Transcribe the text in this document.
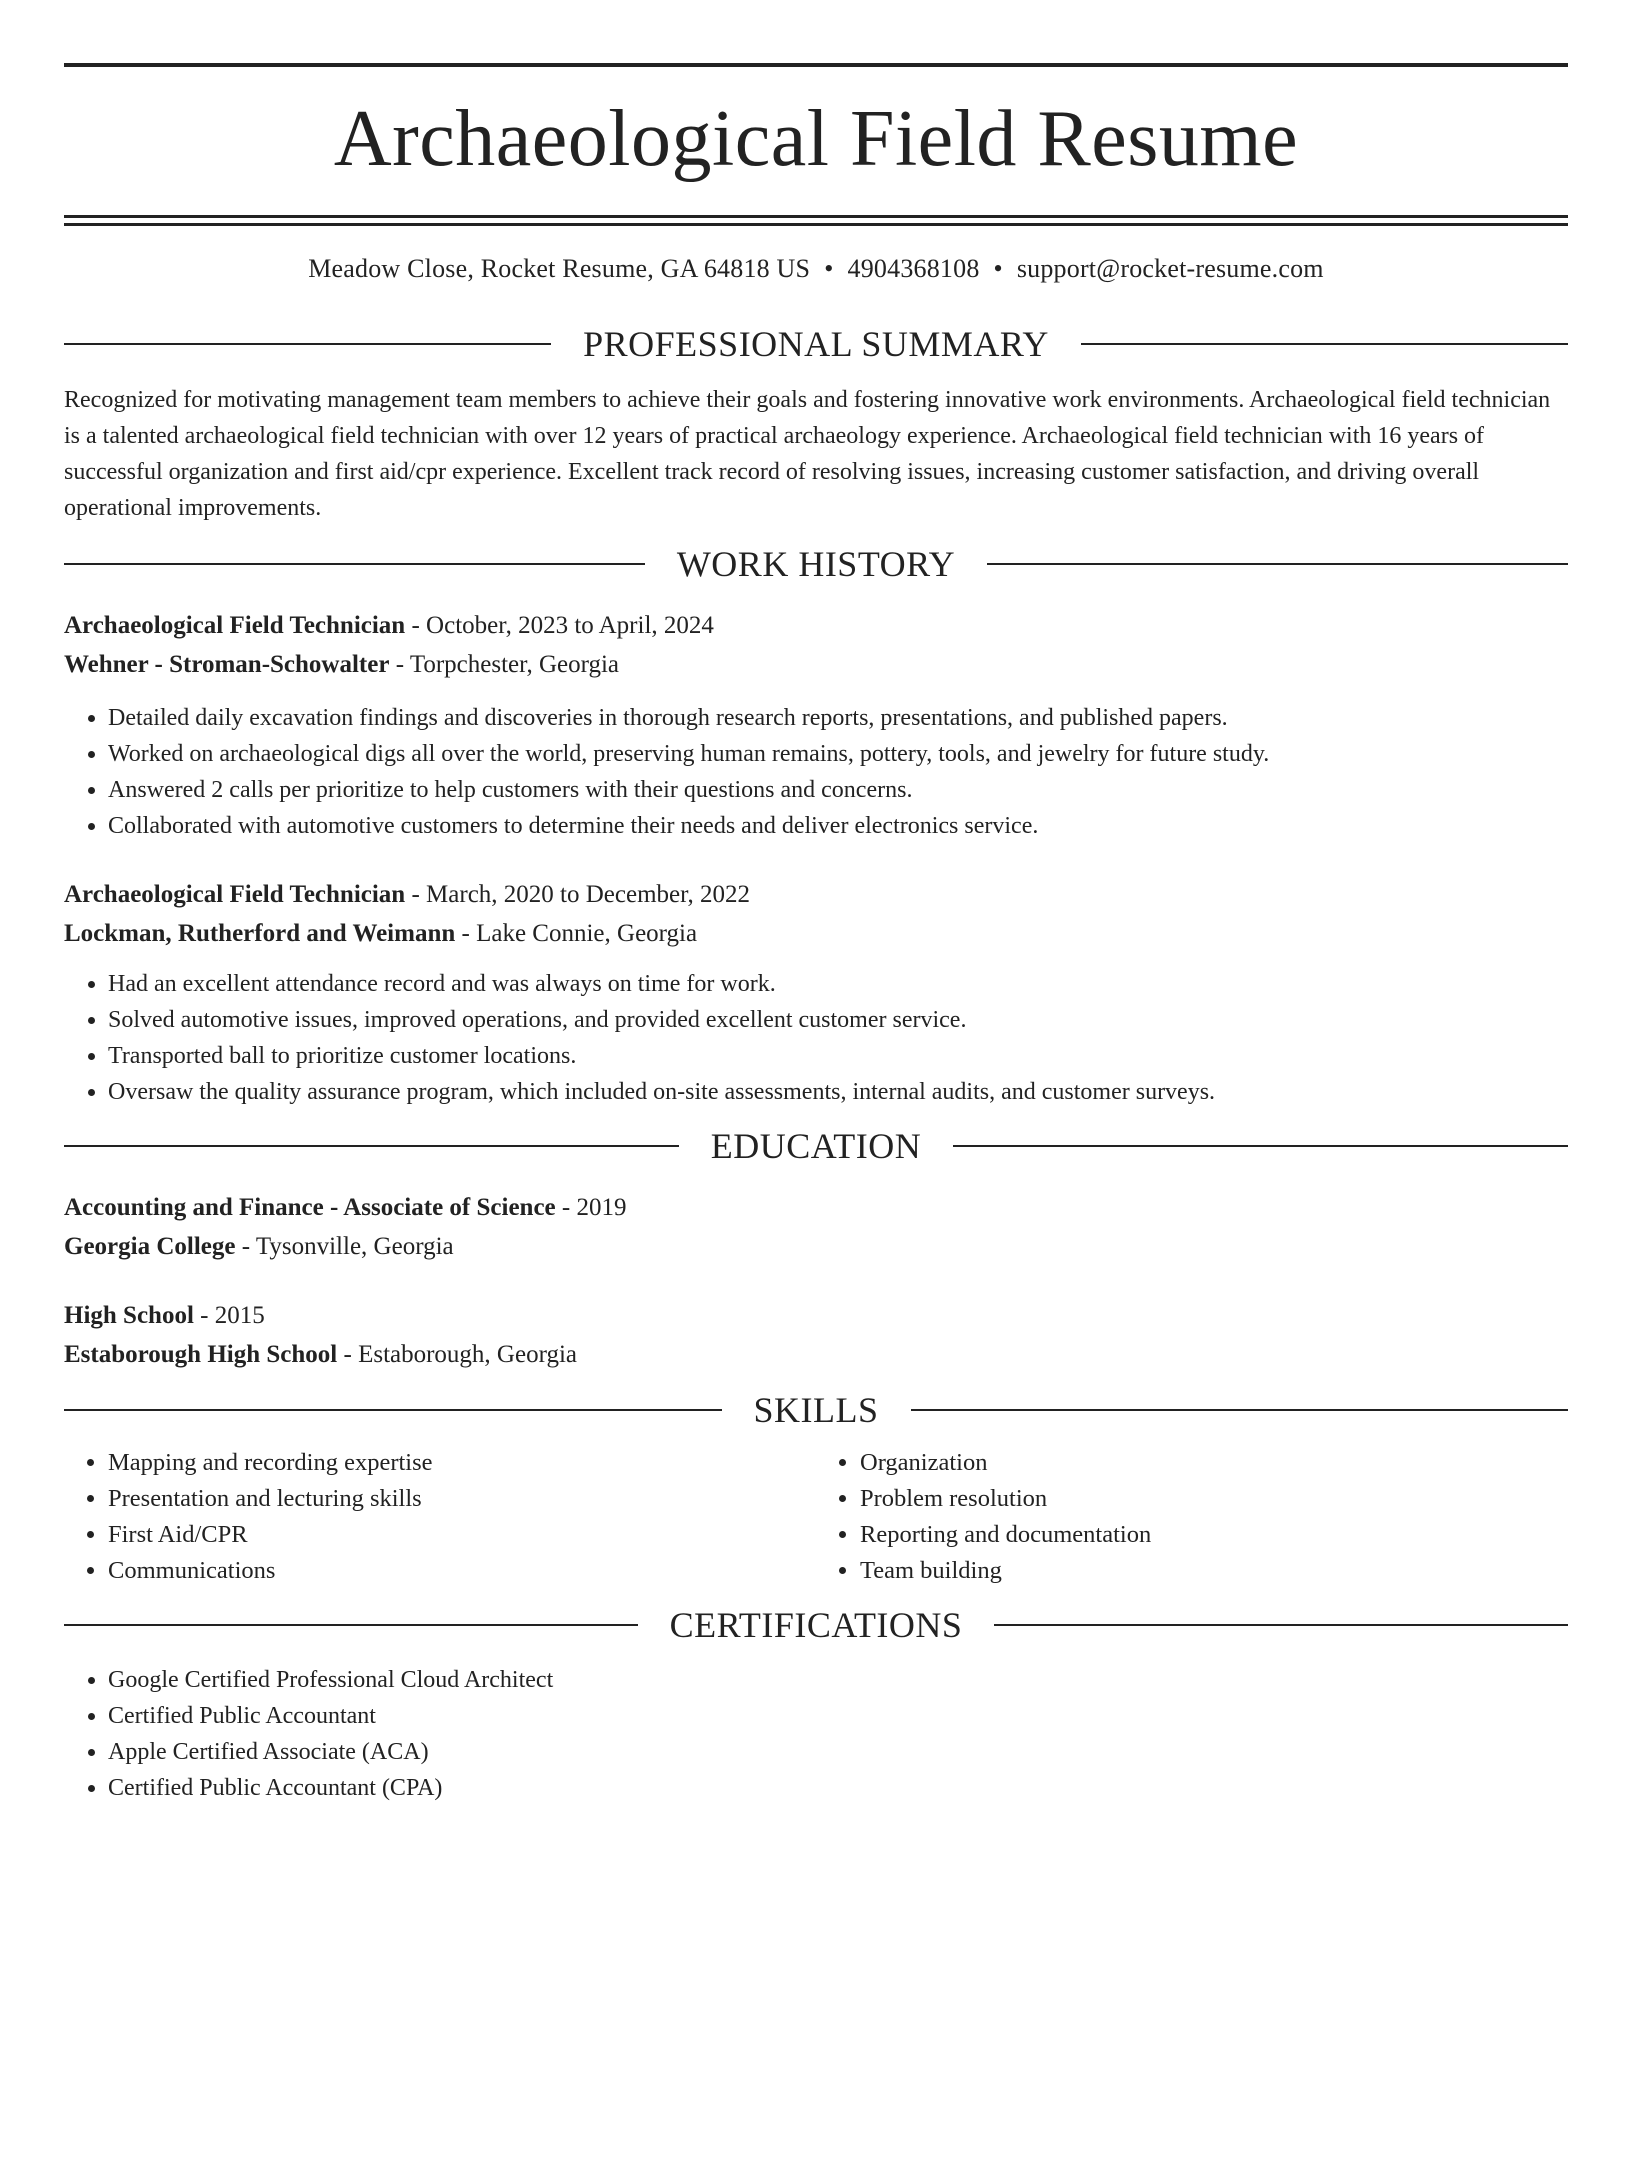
Archaeological Field Resume
Meadow Close, Rocket Resume, GA 64818 US • 4904368108 • support@rocket-resume.com
PROFESSIONAL SUMMARY

Recognized for motivating management team members to achieve their goals and fostering innovative work environments. Archaeological field technician is a talented archaeological field technician with over 12 years of practical archaeology experience. Archaeological field technician with 16 years of successful organization and first aid/cpr experience. Excellent track record of resolving issues, increasing customer satisfaction, and driving overall operational improvements.

WORK HISTORY
Archaeological Field Technician - October, 2023 to April, 2024
Wehner - Stroman-Schowalter - Torpchester, Georgia
• Detailed daily excavation findings and discoveries in thorough research reports, presentations, and published papers.
• Worked on archaeological digs all over the world, preserving human remains, pottery, tools, and jewelry for future study.
• Answered 2 calls per prioritize to help customers with their questions and concerns.
• Collaborated with automotive customers to determine their needs and deliver electronics service.
Archaeological Field Technician - March, 2020 to December, 2022
Lockman, Rutherford and Weimann - Lake Connie, Georgia
• Had an excellent attendance record and was always on time for work.
• Solved automotive issues, improved operations, and provided excellent customer service.
• Transported ball to prioritize customer locations.
• Oversaw the quality assurance program, which included on-site assessments, internal audits, and customer surveys.
EDUCATION
Accounting and Finance - Associate of Science - 2019
Georgia College - Tysonville, Georgia
High School - 2015
Estaborough High School - Estaborough, Georgia
SKILLS
• Mapping and recording expertise
• Presentation and lecturing skills
• First Aid/CPR
• Communications
• Organization
• Problem resolution
• Reporting and documentation
• Team building
CERTIFICATIONS
• Google Certified Professional Cloud Architect
• Certified Public Accountant
• Apple Certified Associate (ACA)
• Certified Public Accountant (CPA)
